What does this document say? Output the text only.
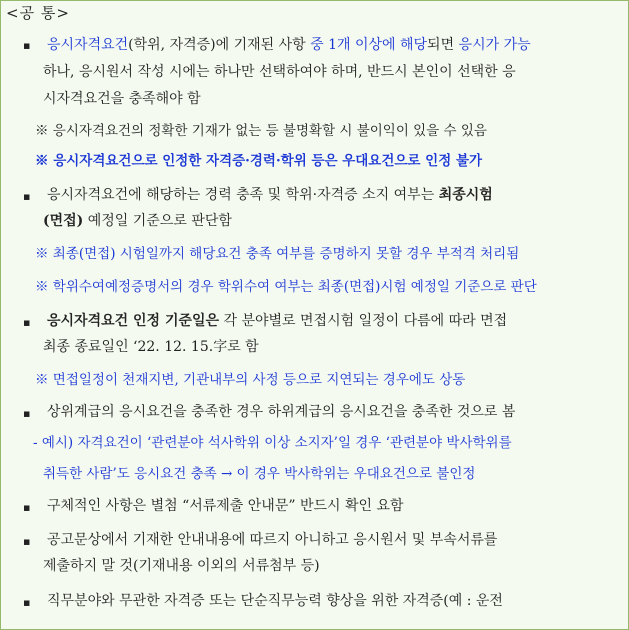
<공 통>
▪ 응시자격요건(학위, 자격증)에 기재된 사항 중 1개 이상에 해당되면 응시가 가능
하나, 응시원서 작성 시에는 하나만 선택하여야 하며, 반드시 본인이 선택한 응
시자격요건을 충족해야 함
※ 응시자격요건의 정확한 기재가 없는 등 불명확할 시 불이익이 있을 수 있음
※ 응시자격요건으로 인정한 자격증·경력·학위 등은 우대요건으로 인정 불가
▪ 응시자격요건에 해당하는 경력 충족 및 학위·자격증 소지 여부는 최종시험
(면접) 예정일 기준으로 판단함
※ 최종(면접) 시험일까지 해당요건 충족 여부를 증명하지 못할 경우 부적격 처리됨
※ 학위수여예정증명서의 경우 학위수여 여부는 최종(면접)시험 예정일 기준으로 판단
▪ 응시자격요건 인정 기준일은 각 분야별로 면접시험 일정이 다름에 따라 면접
최종 종료일인 ‘22. 12. 15.字로 함
※ 면접일정이 천재지변, 기관내부의 사정 등으로 지연되는 경우에도 상동
▪ 상위계급의 응시요건을 충족한 경우 하위계급의 응시요건을 충족한 것으로 봄
- 예시) 자격요건이 ‘관련분야 석사학위 이상 소지자’일 경우 ‘관련분야 박사학위를
취득한 사람’도 응시요건 충족 → 이 경우 박사학위는 우대요건으로 불인정
▪ 구체적인 사항은 별첨 “서류제출 안내문” 반드시 확인 요함
▪ 공고문상에서 기재한 안내내용에 따르지 아니하고 응시원서 및 부속서류를
제출하지 말 것(기재내용 이외의 서류첨부 등)
▪ 직무분야와 무관한 자격증 또는 단순직무능력 향상을 위한 자격증(예 : 운전
